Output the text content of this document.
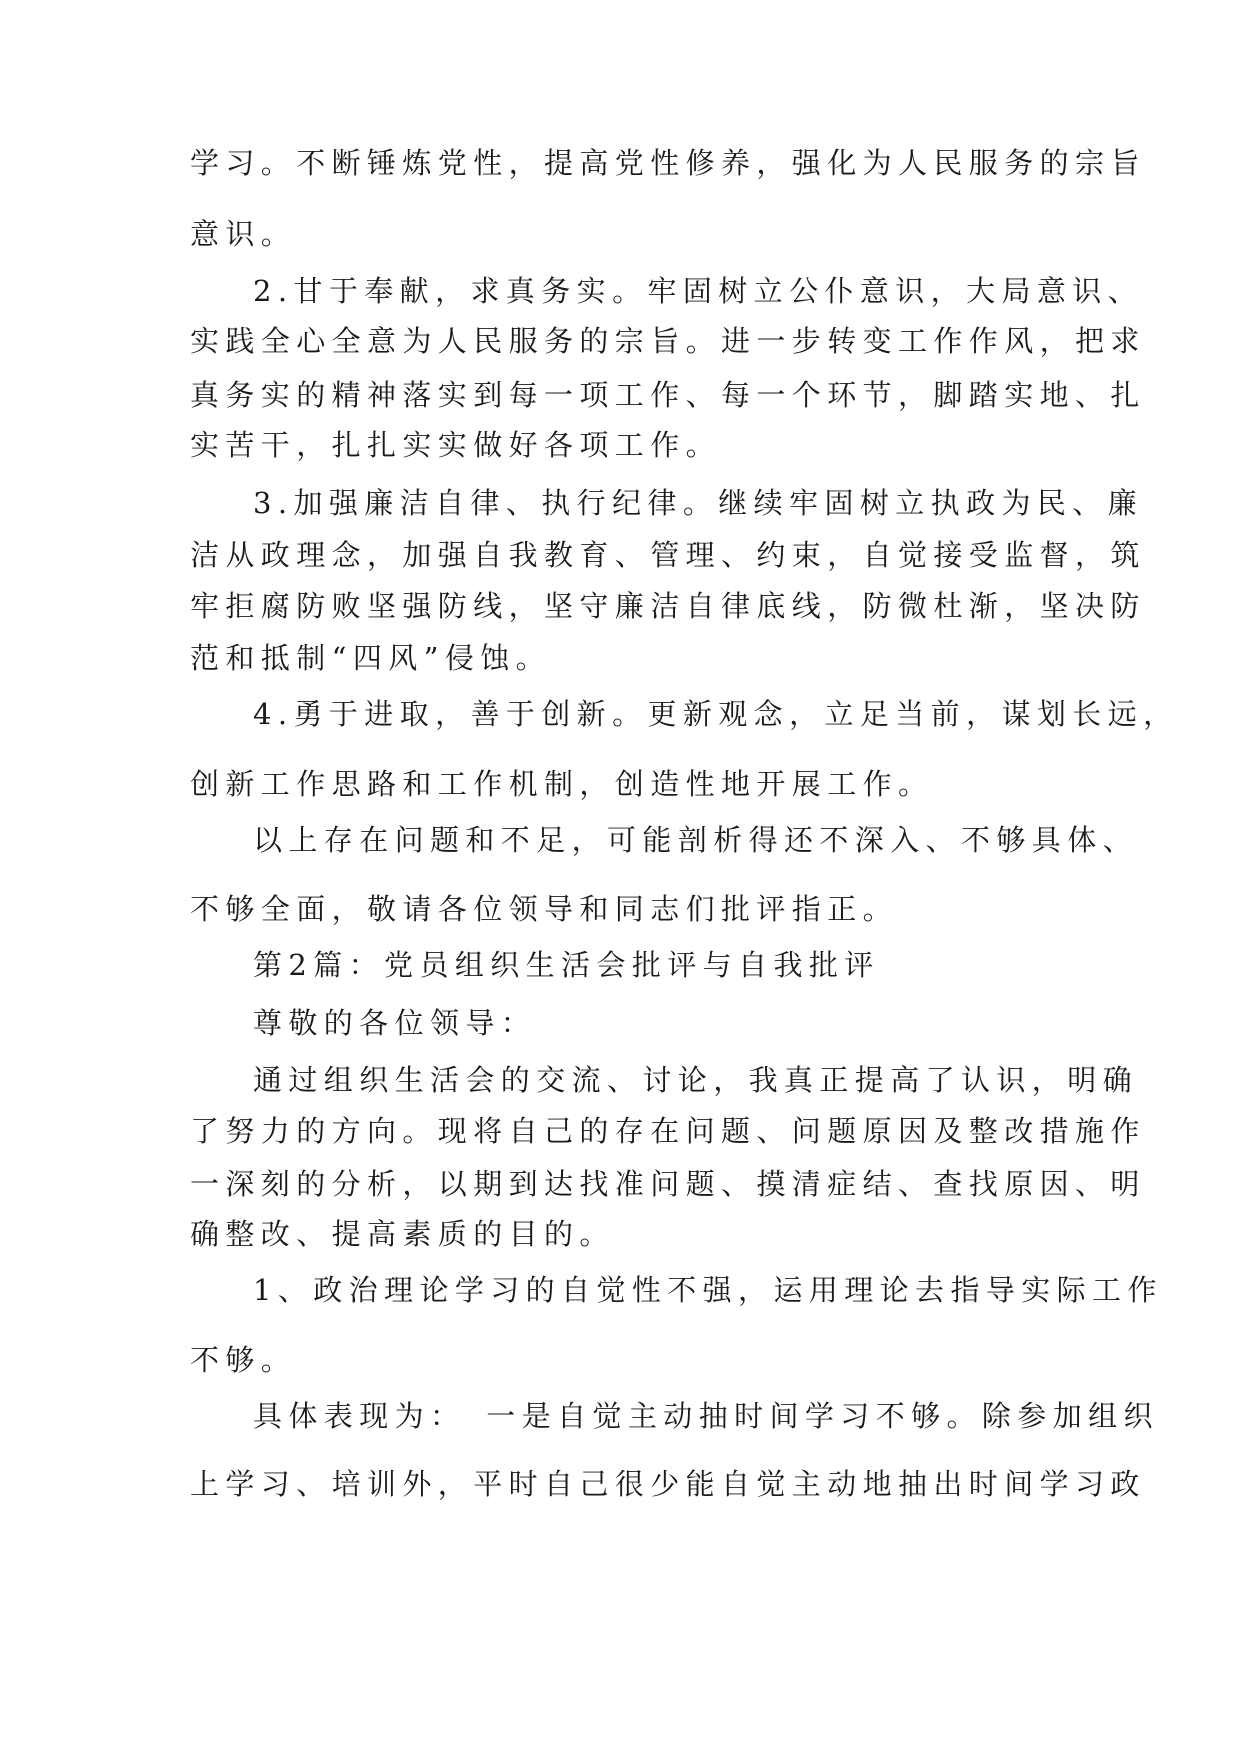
学习。不断锤炼党性，提高党性修养，强化为人民服务的宗旨

意识。

2.甘于奉献，求真务实。牢固树立公仆意识，大局意识、

实践全心全意为人民服务的宗旨。进一步转变工作作风，把求

真务实的精神落实到每一项工作、每一个环节，脚踏实地、扎

实苦干，扎扎实实做好各项工作。

3.加强廉洁自律、执行纪律。继续牢固树立执政为民、廉

洁从政理念，加强自我教育、管理、约束，自觉接受监督，筑

牢拒腐防败坚强防线，坚守廉洁自律底线，防微杜渐，坚决防

范和抵制“四风”侵蚀。

4.勇于进取，善于创新。更新观念，立足当前，谋划长远，

创新工作思路和工作机制，创造性地开展工作。

以上存在问题和不足，可能剖析得还不深入、不够具体、

不够全面，敬请各位领导和同志们批评指正。

第2篇：党员组织生活会批评与自我批评

尊敬的各位领导：

通过组织生活会的交流、讨论，我真正提高了认识，明确

了努力的方向。现将自己的存在问题、问题原因及整改措施作

一深刻的分析，以期到达找准问题、摸清症结、查找原因、明

确整改、提高素质的目的。

1、政治理论学习的自觉性不强，运用理论去指导实际工作

不够。

具体表现为：　一是自觉主动抽时间学习不够。除参加组织

上学习、培训外，平时自己很少能自觉主动地抽出时间学习政
